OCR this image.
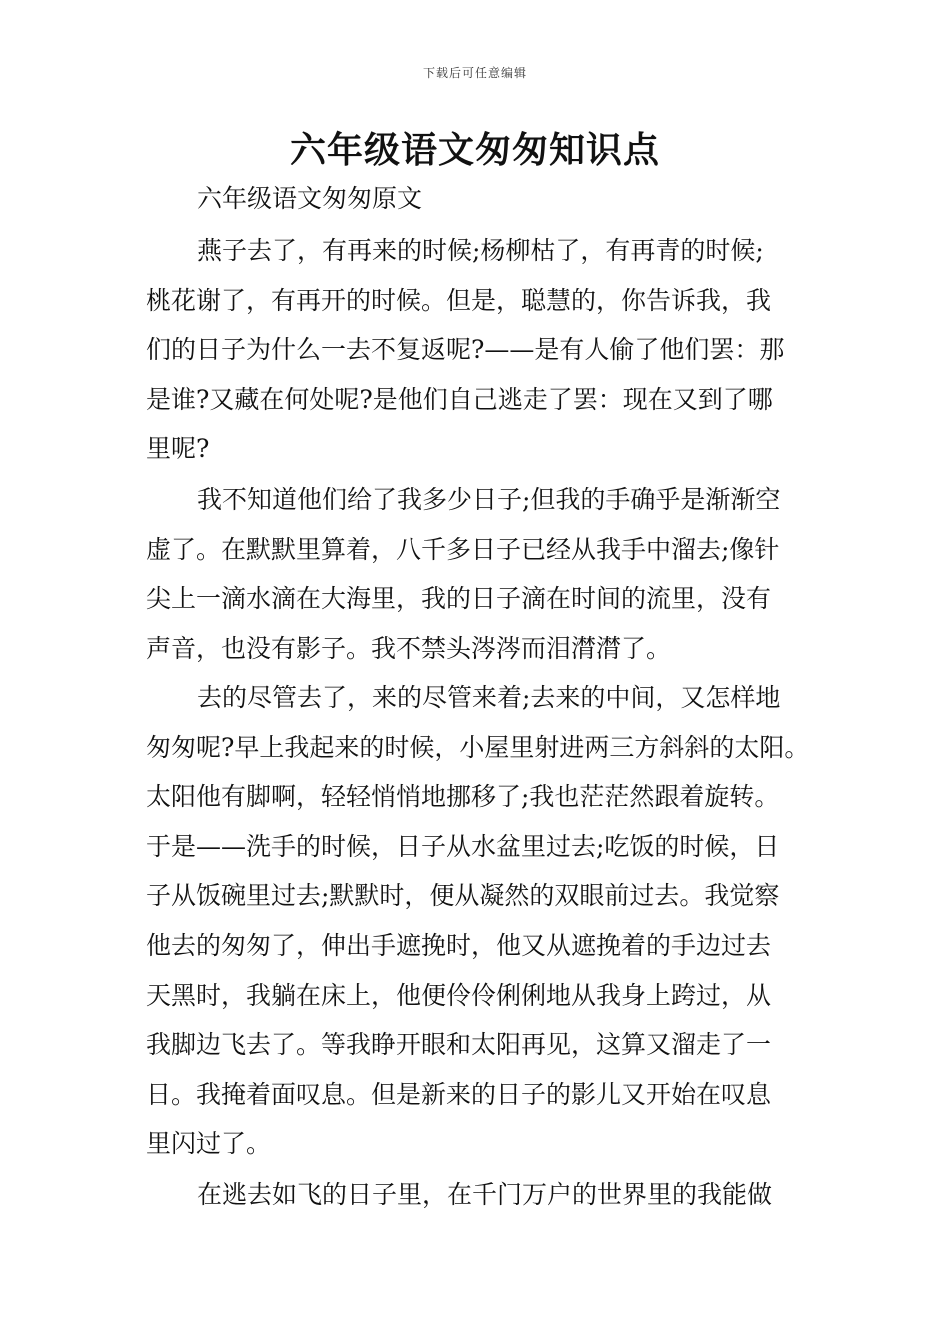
下载后可任意编辑
六年级语文匆匆知识点

六年级语文匆匆原文

燕子去了，有再来的时候;杨柳枯了，有再青的时候;
桃花谢了，有再开的时候。但是，聪慧的，你告诉我，我
们的日子为什么一去不复返呢?——是有人偷了他们罢：那
是谁?又藏在何处呢?是他们自己逃走了罢：现在又到了哪
里呢?

我不知道他们给了我多少日子;但我的手确乎是渐渐空
虚了。在默默里算着，八千多日子已经从我手中溜去;像针
尖上一滴水滴在大海里，我的日子滴在时间的流里，没有
声音，也没有影子。我不禁头涔涔而泪潸潸了。

去的尽管去了，来的尽管来着;去来的中间，又怎样地
匆匆呢?早上我起来的时候，小屋里射进两三方斜斜的太阳。
太阳他有脚啊，轻轻悄悄地挪移了;我也茫茫然跟着旋转。
于是——洗手的时候，日子从水盆里过去;吃饭的时候，日
子从饭碗里过去;默默时，便从凝然的双眼前过去。我觉察
他去的匆匆了，伸出手遮挽时，他又从遮挽着的手边过去
天黑时，我躺在床上，他便伶伶俐俐地从我身上跨过，从
我脚边飞去了。等我睁开眼和太阳再见，这算又溜走了一
日。我掩着面叹息。但是新来的日子的影儿又开始在叹息
里闪过了。

在逃去如飞的日子里，在千门万户的世界里的我能做
